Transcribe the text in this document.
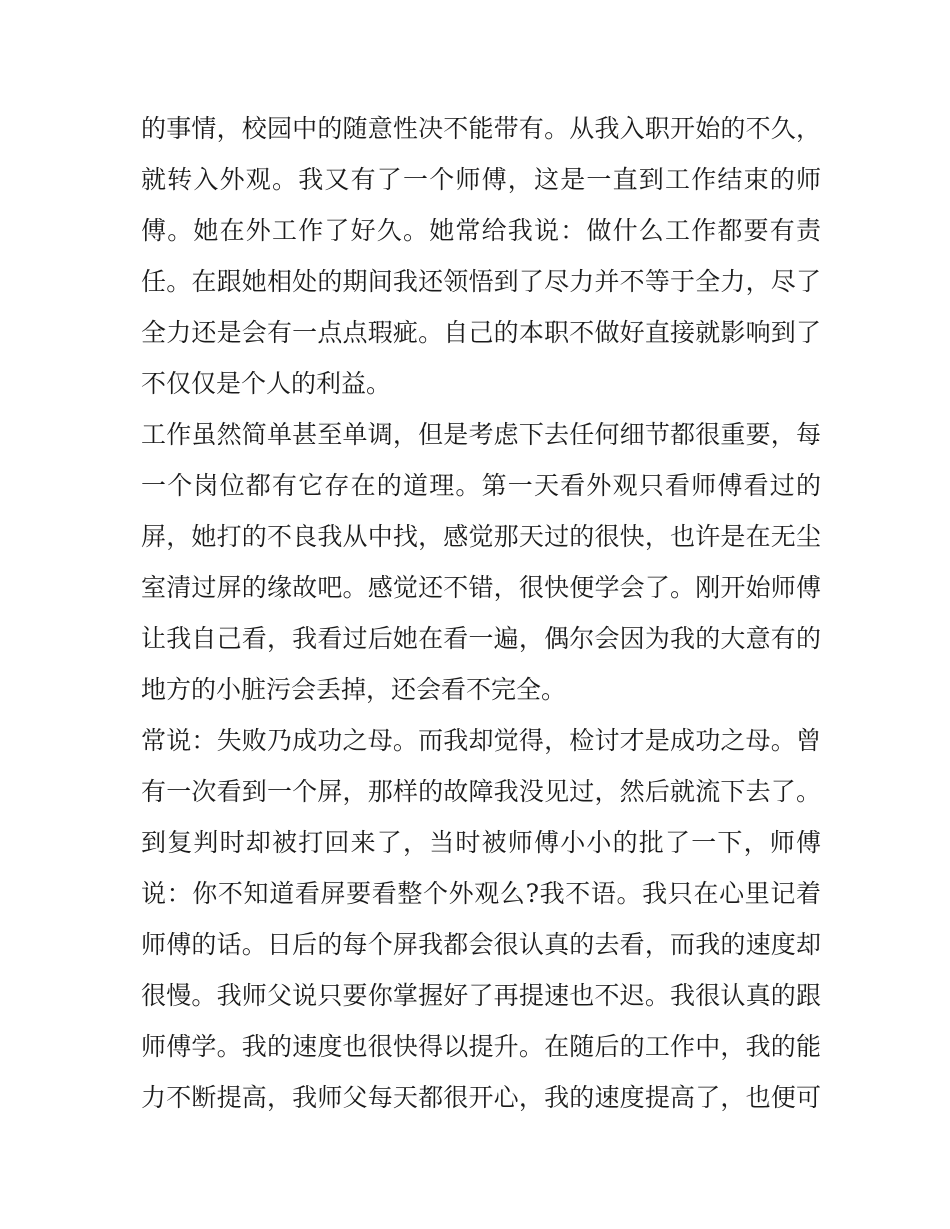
的事情，校园中的随意性决不能带有。从我入职开始的不久，
就转入外观。我又有了一个师傅，这是一直到工作结束的师
傅。她在外工作了好久。她常给我说：做什么工作都要有责
任。在跟她相处的期间我还领悟到了尽力并不等于全力，尽了
全力还是会有一点点瑕疵。自己的本职不做好直接就影响到了
不仅仅是个人的利益。
工作虽然简单甚至单调，但是考虑下去任何细节都很重要，每
一个岗位都有它存在的道理。第一天看外观只看师傅看过的
屏，她打的不良我从中找，感觉那天过的很快，也许是在无尘
室清过屏的缘故吧。感觉还不错，很快便学会了。刚开始师傅
让我自己看，我看过后她在看一遍，偶尔会因为我的大意有的
地方的小脏污会丢掉，还会看不完全。
常说：失败乃成功之母。而我却觉得，检讨才是成功之母。曾
有一次看到一个屏，那样的故障我没见过，然后就流下去了。
到复判时却被打回来了，当时被师傅小小的批了一下，师傅
说：你不知道看屏要看整个外观么?我不语。我只在心里记着
师傅的话。日后的每个屏我都会很认真的去看，而我的速度却
很慢。我师父说只要你掌握好了再提速也不迟。我很认真的跟
师傅学。我的速度也很快得以提升。在随后的工作中，我的能
力不断提高，我师父每天都很开心，我的速度提高了，也便可
